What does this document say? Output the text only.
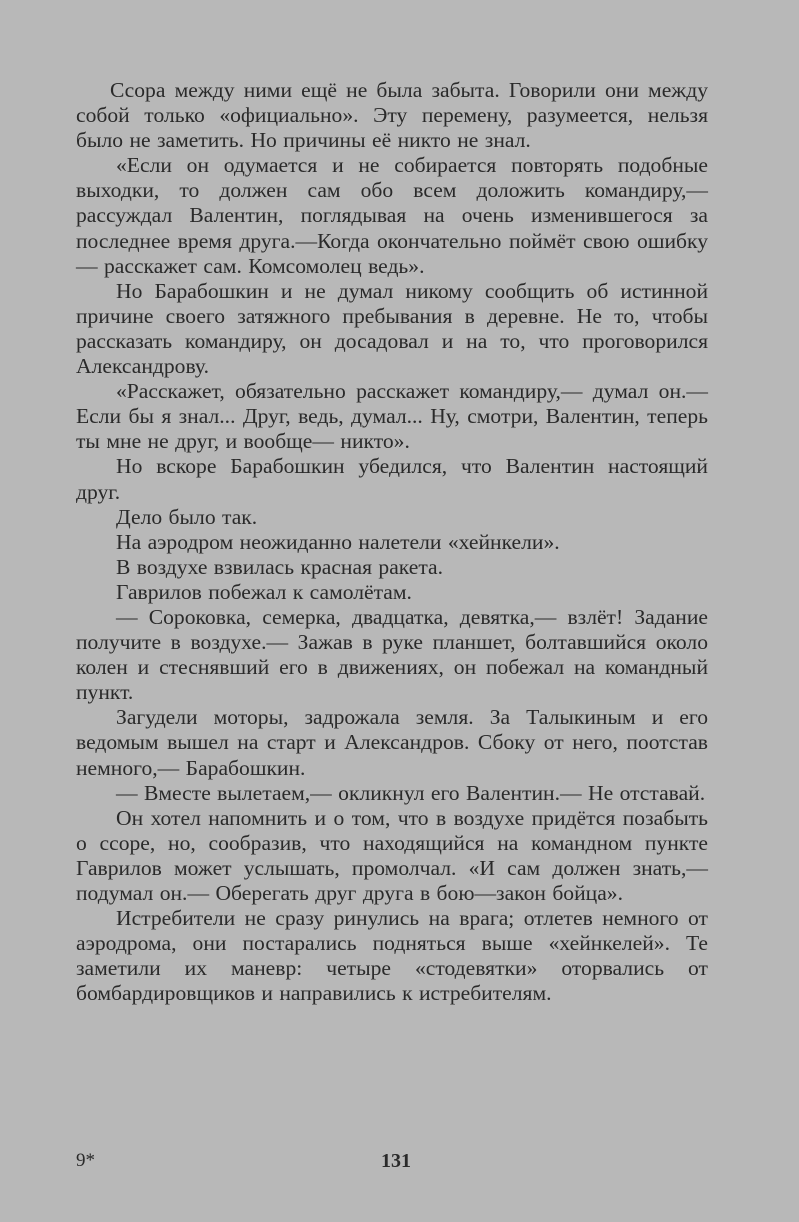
Ссора между ними ещё не была забыта. Говорили они между собой только «официально». Эту перемену, разумеется, нельзя было не заметить. Но причины её никто не знал.

«Если он одумается и не собирается повторять подобные выходки, то должен сам обо всем доложить командиру,— рассуждал Валентин, поглядывая на очень изменившегося за последнее время друга.—Когда окончательно поймёт свою ошибку — расскажет сам. Комсомолец ведь».

Но Барабошкин и не думал никому сообщить об истинной причине своего затяжного пребывания в деревне. Не то, чтобы рассказать командиру, он досадовал и на то, что проговорился Александрову.

«Расскажет, обязательно расскажет командиру,— думал он.— Если бы я знал... Друг, ведь, думал... Ну, смотри, Валентин, теперь ты мне не друг, и вообще— никто».

Но вскоре Барабошкин убедился, что Валентин настоящий друг.

Дело было так.

На аэродром неожиданно налетели «хейнкели».

В воздухе взвилась красная ракета.

Гаврилов побежал к самолётам.

— Сороковка, семерка, двадцатка, девятка,— взлёт! Задание получите в воздухе.— Зажав в руке планшет, болтавшийся около колен и стеснявший его в движениях, он побежал на командный пункт.

Загудели моторы, задрожала земля. За Талыкиным и его ведомым вышел на старт и Александров. Сбоку от него, поотстав немного,— Барабошкин.

— Вместе вылетаем,— окликнул его Валентин.— Не отставай.

Он хотел напомнить и о том, что в воздухе придётся позабыть о ссоре, но, сообразив, что находящийся на командном пункте Гаврилов может услышать, промолчал. «И сам должен знать,— подумал он.— Оберегать друг друга в бою—закон бойца».

Истребители не сразу ринулись на врага; отлетев немного от аэродрома, они постарались подняться выше «хейнкелей». Те заметили их маневр: четыре «стодевятки» оторвались от бомбардировщиков и направились к истребителям.

9*	131
